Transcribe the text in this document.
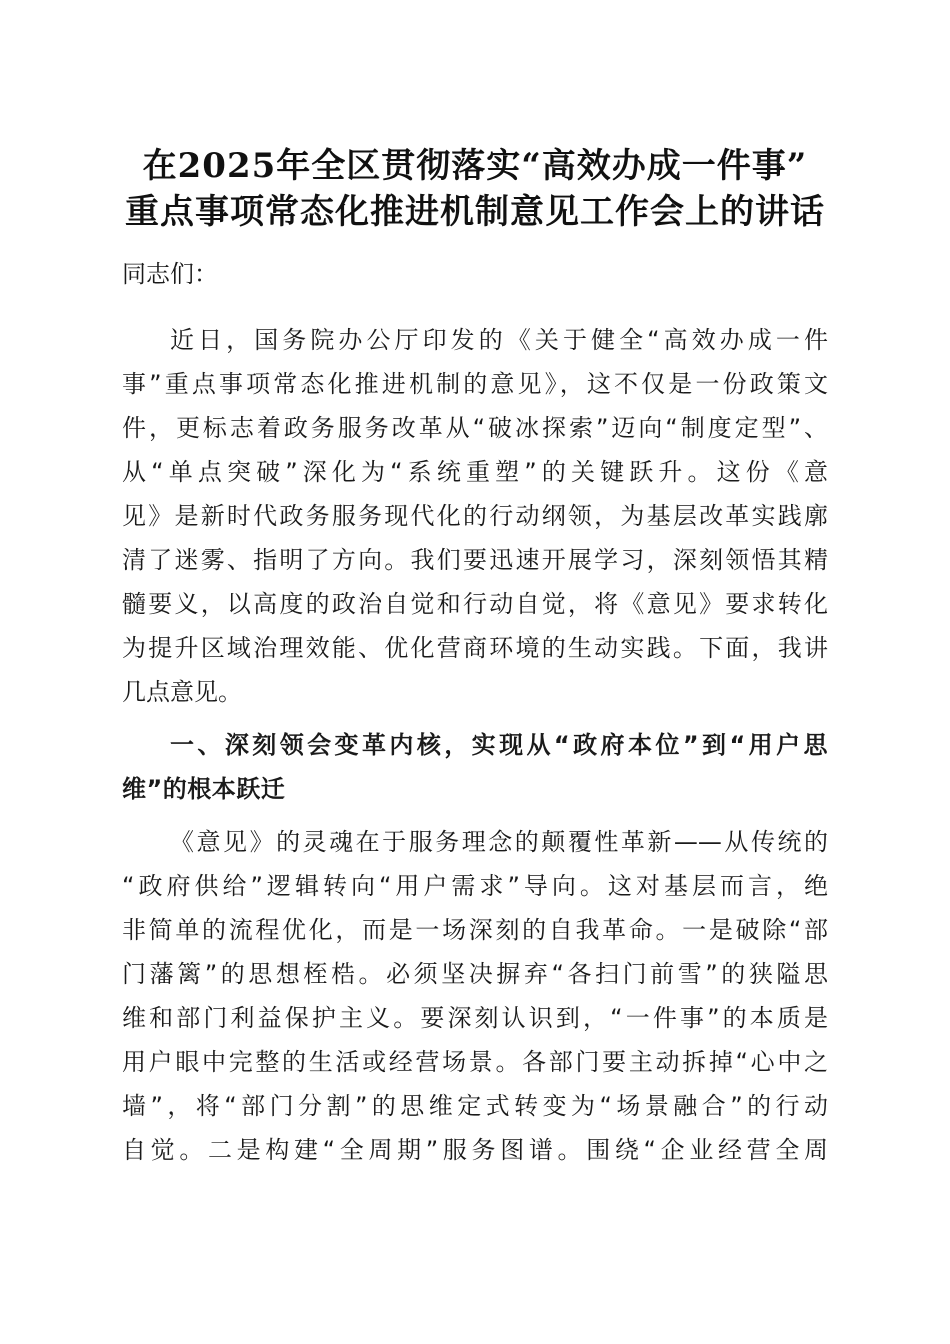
在2025年全区贯彻落实“高效办成一件事”
重点事项常态化推进机制意见工作会上的讲话
同志们：
近日，国务院办公厅印发的《关于健全“高效办成一件
事”重点事项常态化推进机制的意见》，这不仅是一份政策文
件，更标志着政务服务改革从“破冰探索”迈向“制度定型”、
从“单点突破”深化为“系统重塑”的关键跃升。这份《意
见》是新时代政务服务现代化的行动纲领，为基层改革实践廓
清了迷雾、指明了方向。我们要迅速开展学习，深刻领悟其精
髓要义，以高度的政治自觉和行动自觉，将《意见》要求转化
为提升区域治理效能、优化营商环境的生动实践。下面，我讲
几点意见。
一、深刻领会变革内核，实现从“政府本位”到“用户思
维”的根本跃迁
《意见》的灵魂在于服务理念的颠覆性革新——从传统的
“政府供给”逻辑转向“用户需求”导向。这对基层而言，绝
非简单的流程优化，而是一场深刻的自我革命。一是破除“部
门藩篱”的思想桎梏。必须坚决摒弃“各扫门前雪”的狭隘思
维和部门利益保护主义。要深刻认识到，“一件事”的本质是
用户眼中完整的生活或经营场景。各部门要主动拆掉“心中之
墙”，将“部门分割”的思维定式转变为“场景融合”的行动
自觉。二是构建“全周期”服务图谱。围绕“企业经营全周
